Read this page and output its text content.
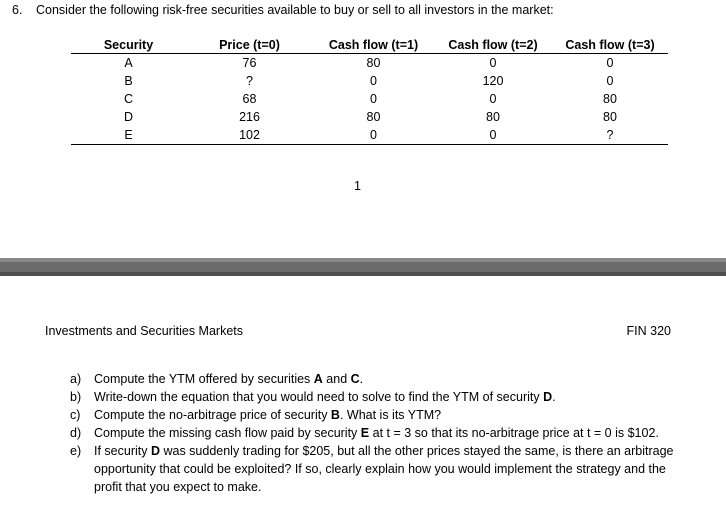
6. Consider the following risk-free securities available to buy or sell to all investors in the market:
Security	Price (t=0)	Cash flow (t=1)	Cash flow (t=2)	Cash flow (t=3)
A	76	80	0	0
B	?	0	120	0
C	68	0	0	80
D	216	80	80	80
E	102	0	0	?
1
Investments and Securities Markets	FIN 320
a) Compute the YTM offered by securities A and C.
b) Write-down the equation that you would need to solve to find the YTM of security D.
c) Compute the no-arbitrage price of security B. What is its YTM?
d) Compute the missing cash flow paid by security E at t = 3 so that its no-arbitrage price at t = 0 is $102.
e) If security D was suddenly trading for $205, but all the other prices stayed the same, is there an arbitrage opportunity that could be exploited? If so, clearly explain how you would implement the strategy and the profit that you expect to make.
